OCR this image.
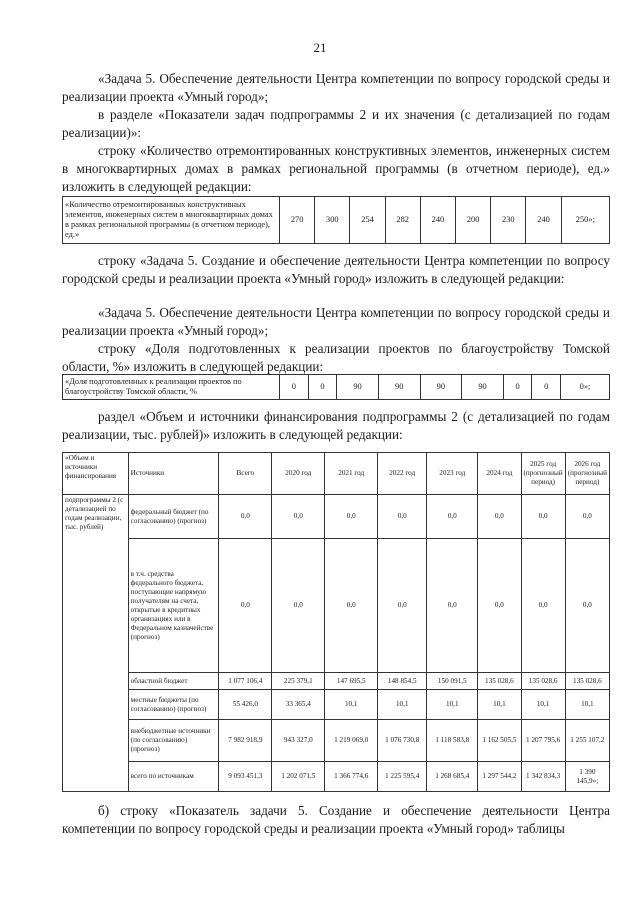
21

«Задача 5. Обеспечение деятельности Центра компетенции по вопросу городской среды и реализации проекта «Умный город»;

в разделе «Показатели задач подпрограммы 2 и их значения (с детализацией по годам реализации)»:

строку «Количество отремонтированных конструктивных элементов, инженерных систем в многоквартирных домах в рамках региональной программы (в отчетном периоде), ед.» изложить в следующей редакции:

«Количество отремонтированных конструктивных элементов, инженерных систем в многоквартирных домах в рамках региональной программы (в отчетном периоде), ед.»	270	300	254	282	240	200	230	240	250»;

строку «Задача 5. Создание и обеспечение деятельности Центра компетенции по вопросу городской среды и реализации проекта «Умный город» изложить в следующей редакции:

«Задача 5. Обеспечение деятельности Центра компетенции по вопросу городской среды и реализации проекта «Умный город»;

строку «Доля подготовленных к реализации проектов по благоустройству Томской области, %» изложить в следующей редакции:

«Доля подготовленных к реализации проектов по благоустройству Томской области, %	0	0	90	90	90	90	0	0	0»;

раздел «Объем и источники финансирования подпрограммы 2 (с детализацией по годам реализации, тыс. рублей)» изложить в следующей редакции:

«Объем и источники финансирования	Источники	Всего	2020 год	2021 год	2022 год	2023 год	2024 год	2025 год (прогнозный период)	2026 год (прогнозный период)
подпрограммы 2 (с детализацией по годам реализации, тыс. рублей)	федеральный бюджет (по согласованию) (прогноз)	0,0	0,0	0,0	0,0	0,0	0,0	0,0	0,0
	в т.ч. средства федерального бюджета, поступающие напрямую получателям на счета, открытые в кредитных организациях или в Федеральном казначействе (прогноз)	0,0	0,0	0,0	0,0	0,0	0,0	0,0	0,0
	областной бюджет	1 077 106,4	225 379,1	147 695,5	148 854,5	150 091,5	135 028,6	135 028,6	135 028,6
	местные бюджеты (по согласованию) (прогноз)	55 426,0	33 365,4	10,1	10,1	10,1	10,1	10,1	10,1
	внебюджетные источники (по согласованию) (прогноз)	7 982 918,9	943 327,0	1 219 069,0	1 076 730,8	1 118 583,8	1 162 505,5	1 207 795,6	1 255 107,2
	всего по источникам	9 093 451,3	1 202 071,5	1 366 774,6	1 225 595,4	1 268 685,4	1 297 544,2	1 342 834,3	1 390 145,9»;

б) строку «Показатель задачи 5. Создание и обеспечение деятельности Центра компетенции по вопросу городской среды и реализации проекта «Умный город» таблицы
